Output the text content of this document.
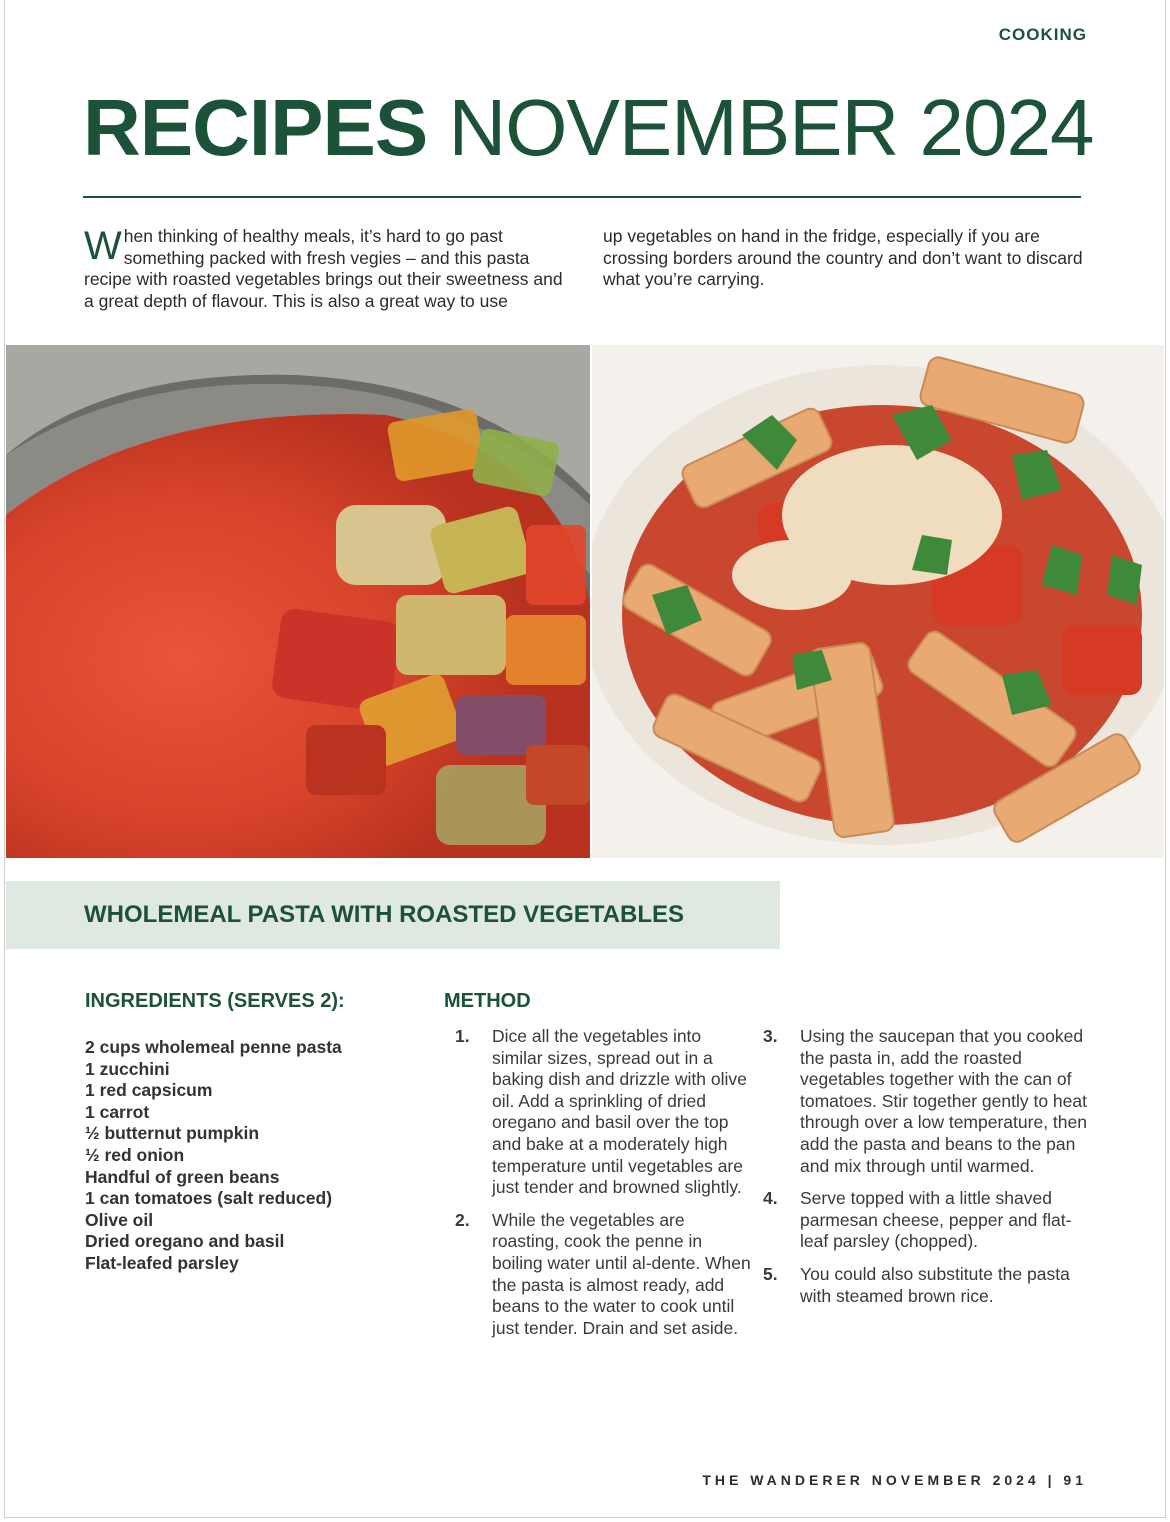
COOKING
RECIPES NOVEMBER 2024

When thinking of healthy meals, it’s hard to go past something packed with fresh vegies – and this pasta recipe with roasted vegetables brings out their sweetness and a great depth of flavour. This is also a great way to use

up vegetables on hand in the fridge, especially if you are crossing borders around the country and don’t want to discard what you’re carrying.

WHOLEMEAL PASTA WITH ROASTED VEGETABLES
INGREDIENTS (SERVES 2):
2 cups wholemeal penne pasta
1 zucchini
1 red capsicum
1 carrot
½ butternut pumpkin
½ red onion
Handful of green beans
1 can tomatoes (salt reduced)
Olive oil
Dried oregano and basil
Flat-leafed parsley
METHOD
1.	Dice all the vegetables into similar sizes, spread out in a baking dish and drizzle with olive oil. Add a sprinkling of dried oregano and basil over the top and bake at a moderately high temperature until vegetables are just tender and browned slightly.
2.	While the vegetables are roasting, cook the penne in boiling water until al-dente. When the pasta is almost ready, add beans to the water to cook until just tender. Drain and set aside.
3.	Using the saucepan that you cooked the pasta in, add the roasted vegetables together with the can of tomatoes. Stir together gently to heat through over a low temperature, then add the pasta and beans to the pan and mix through until warmed.
4.	Serve topped with a little shaved parmesan cheese, pepper and flat-leaf parsley (chopped).
5.	You could also substitute the pasta with steamed brown rice.
THE WANDERER NOVEMBER 2024 | 91
